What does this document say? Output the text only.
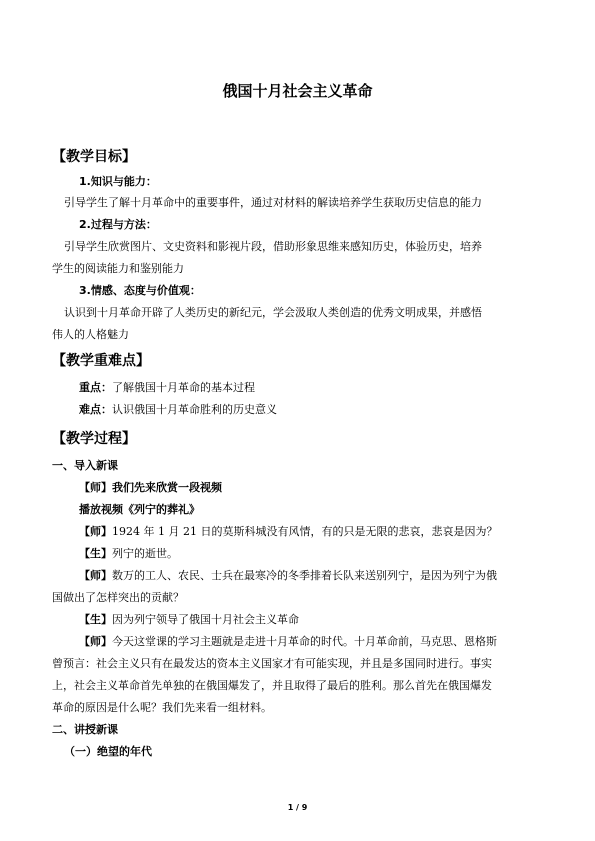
俄国十月社会主义革命
【教学目标】
1.知识与能力：
引导学生了解十月革命中的重要事件，通过对材料的解读培养学生获取历史信息的能力
2.过程与方法：
引导学生欣赏图片、文史资料和影视片段，借助形象思维来感知历史，体验历史，培养
学生的阅读能力和鉴别能力
3.情感、态度与价值观：
认识到十月革命开辟了人类历史的新纪元，学会汲取人类创造的优秀文明成果，并感悟
伟人的人格魅力
【教学重难点】
重点：了解俄国十月革命的基本过程
难点：认识俄国十月革命胜利的历史意义
【教学过程】
一、导入新课
【师】我们先来欣赏一段视频
播放视频《列宁的葬礼》
【师】1924 年 1 月 21 日的莫斯科城没有风情，有的只是无限的悲哀，悲哀是因为？
【生】列宁的逝世。
【师】数万的工人、农民、士兵在最寒冷的冬季排着长队来送别列宁，是因为列宁为俄
国做出了怎样突出的贡献？
【生】因为列宁领导了俄国十月社会主义革命
【师】今天这堂课的学习主题就是走进十月革命的时代。十月革命前，马克思、恩格斯
曾预言：社会主义只有在最发达的资本主义国家才有可能实现，并且是多国同时进行。事实
上，社会主义革命首先单独的在俄国爆发了，并且取得了最后的胜利。那么首先在俄国爆发
革命的原因是什么呢？我们先来看一组材料。
二、讲授新课
（一）绝望的年代
1 / 9
